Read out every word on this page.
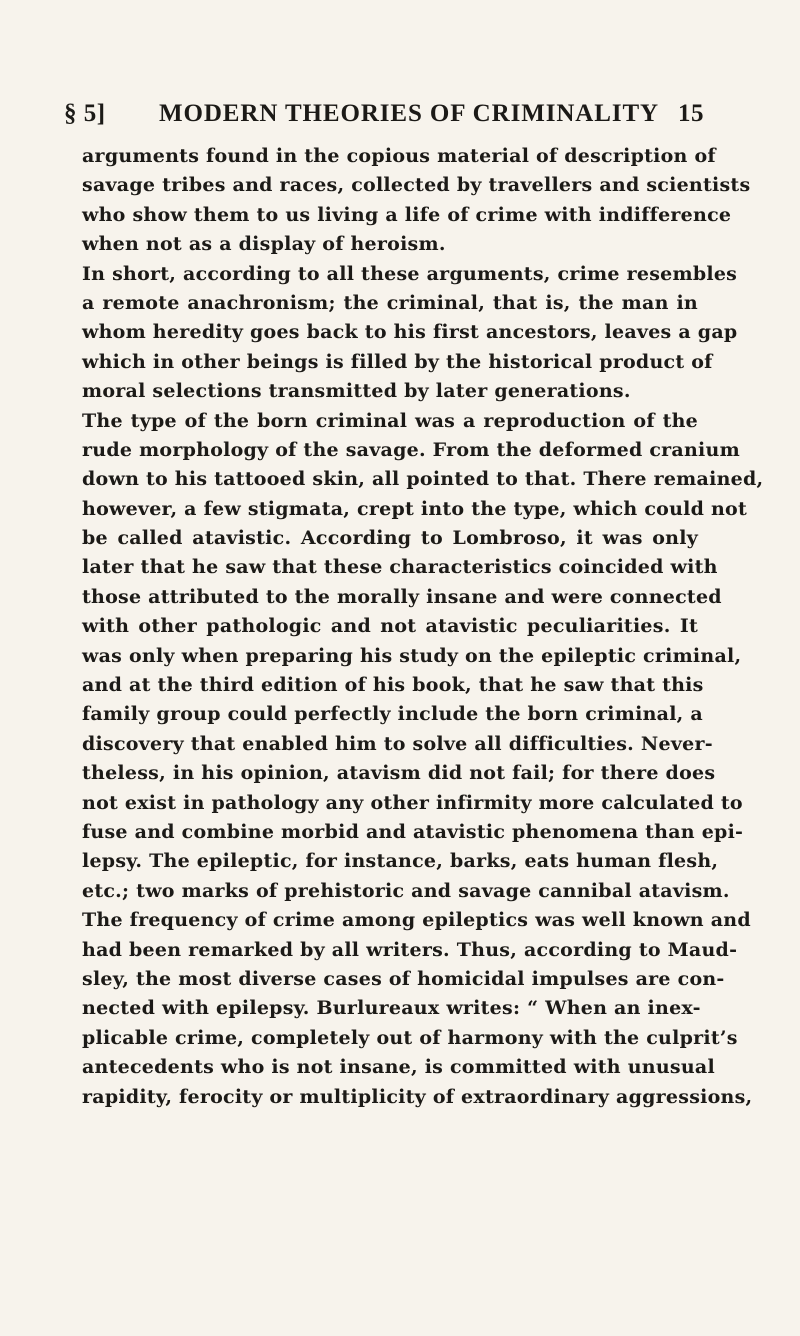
§ 5] MODERN THEORIES OF CRIMINALITY 15
arguments found in the copious material of description of
savage tribes and races, collected by travellers and scientists
who show them to us living a life of crime with indifference
when not as a display of heroism.
In short, according to all these arguments, crime resembles
a remote anachronism; the criminal, that is, the man in
whom heredity goes back to his first ancestors, leaves a gap
which in other beings is filled by the historical product of
moral selections transmitted by later generations.
The type of the born criminal was a reproduction of the
rude morphology of the savage. From the deformed cranium
down to his tattooed skin, all pointed to that. There remained,
however, a few stigmata, crept into the type, which could not
be called atavistic. According to Lombroso, it was only
later that he saw that these characteristics coincided with
those attributed to the morally insane and were connected
with other pathologic and not atavistic peculiarities. It
was only when preparing his study on the epileptic criminal,
and at the third edition of his book, that he saw that this
family group could perfectly include the born criminal, a
discovery that enabled him to solve all difficulties. Never-
theless, in his opinion, atavism did not fail; for there does
not exist in pathology any other infirmity more calculated to
fuse and combine morbid and atavistic phenomena than epi-
lepsy. The epileptic, for instance, barks, eats human flesh,
etc.; two marks of prehistoric and savage cannibal atavism.
The frequency of crime among epileptics was well known and
had been remarked by all writers. Thus, according to Maud-
sley, the most diverse cases of homicidal impulses are con-
nected with epilepsy. Burlureaux writes: “ When an inex-
plicable crime, completely out of harmony with the culprit’s
antecedents who is not insane, is committed with unusual
rapidity, ferocity or multiplicity of extraordinary aggressions,
